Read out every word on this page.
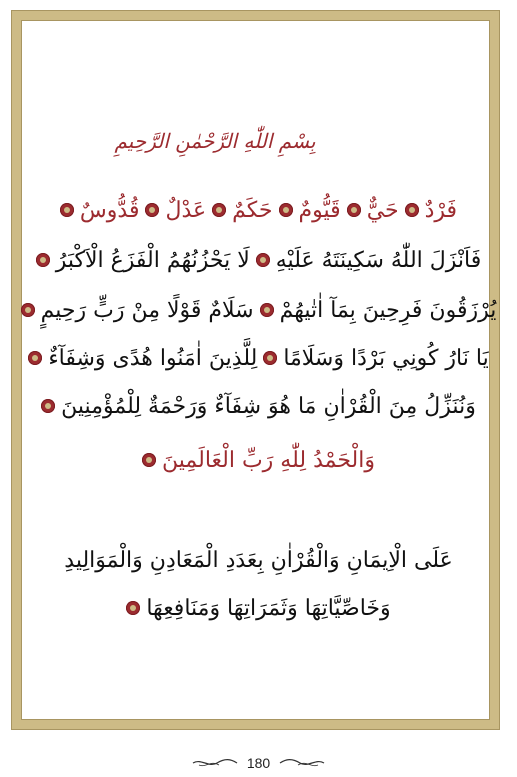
بِسْمِ اللّٰهِ الرَّحْمٰنِ الرَّحِيمِ
فَرْدٌ
حَيٌّ
قَيُّومٌ
حَكَمٌ
عَدْلٌ
قُدُّوسٌ
فَاَنْزَلَ اللّٰهُ سَكِينَتَهُ عَلَيْهِ
لَا يَحْزُنُهُمُ الْفَزَعُ الْاَكْبَرُ
يُرْزَقُونَ فَرِحِينَ بِمَآ اٰتٰيهُمْ
سَلَامٌ قَوْلًا مِنْ رَبٍّ رَحِيمٍ
يَا نَارُ كُونِي بَرْدًا وَسَلَامًا
لِلَّذِينَ اٰمَنُوا هُدًى وَشِفَآءٌ
وَنُنَزِّلُ مِنَ الْقُرْاٰنِ مَا هُوَ شِفَآءٌ وَرَحْمَةٌ لِلْمُؤْمِنِينَ
وَالْحَمْدُ لِلّٰهِ رَبِّ الْعَالَمِينَ
عَلَى الْاِيمَانِ وَالْقُرْاٰنِ بِعَدَدِ الْمَعَادِنِ وَالْمَوَالِيدِ
وَخَاصِّيَّاتِهَا وَثَمَرَاتِهَا وَمَنَافِعِهَا
180
